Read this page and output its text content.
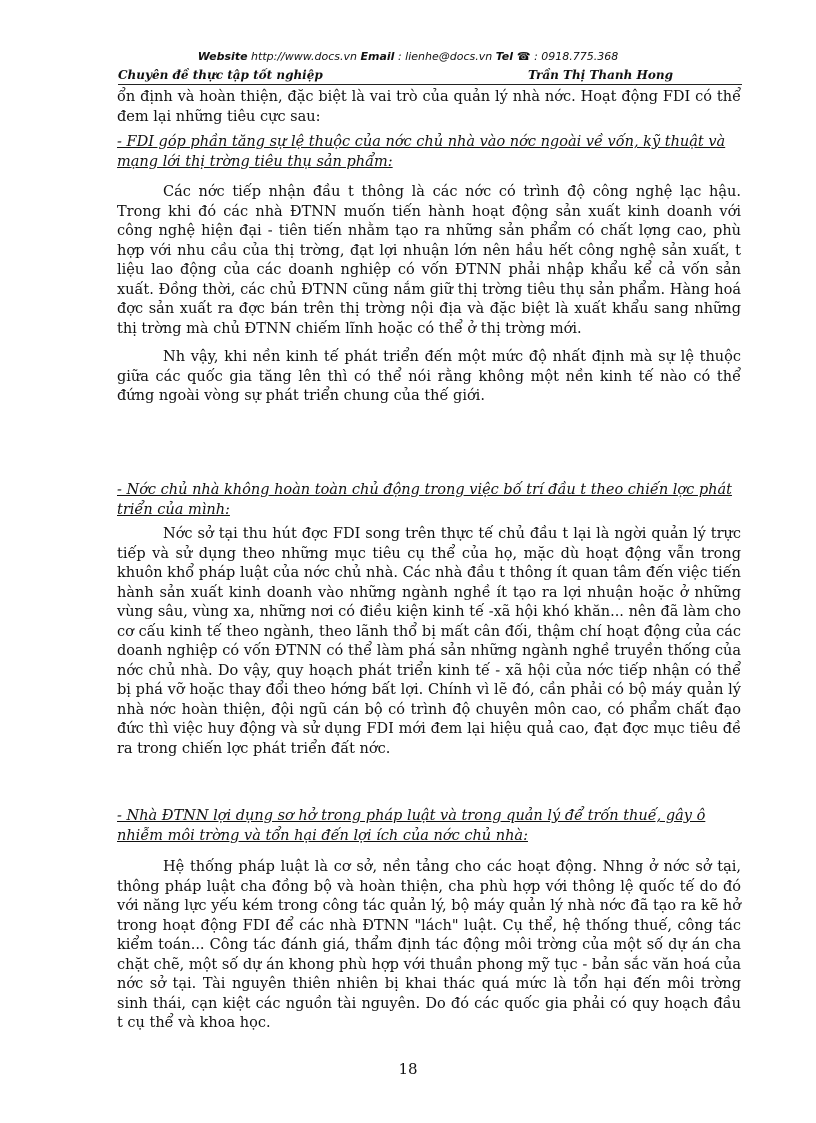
Website http://www.docs.vn Email : lienhe@docs.vn Tel ☎ : 0918.775.368
Chuyên đề thực tập tốt nghiệp	Trần Thị Thanh Hong

ổn định và hoàn thiện, đặc biệt là vai trò của quản lý nhà nớc. Hoạt động FDI có thể đem lại những tiêu cực sau:

- FDI góp phần tăng sự lệ thuộc của nớc chủ nhà vào nớc ngoài về vốn, kỹ thuật và mạng lới thị trờng tiêu thụ sản phẩm:

Các nớc tiếp nhận đầu t thông là các nớc có trình độ công nghệ lạc hậu. Trong khi đó các nhà ĐTNN muốn tiến hành hoạt động sản xuất kinh doanh với công nghệ hiện đại - tiên tiến nhằm tạo ra những sản phẩm có chất lợng cao, phù hợp với nhu cầu của thị trờng, đạt lợi nhuận lớn nên hầu hết công nghệ sản xuất, t liệu lao động của các doanh nghiệp có vốn ĐTNN phải nhập khẩu kể cả vốn sản xuất. Đồng thời, các chủ ĐTNN cũng nắm giữ thị trờng tiêu thụ sản phẩm. Hàng hoá đợc sản xuất ra đợc bán trên thị trờng nội địa và đặc biệt là xuất khẩu sang những thị trờng mà chủ ĐTNN chiếm lĩnh hoặc có thể ở thị trờng mới.

Nh vậy, khi nền kinh tế phát triển đến một mức độ nhất định mà sự lệ thuộc giữa các quốc gia tăng lên thì có thể nói rằng không một nền kinh tế nào có thể đứng ngoài vòng sự phát triển chung của thế giới.

- Nớc chủ nhà không hoàn toàn chủ động trong việc bố trí đầu t theo chiến lợc phát triển của mình:

Nớc sở tại thu hút đợc FDI song trên thực tế chủ đầu t lại là ngời quản lý trực tiếp và sử dụng theo những mục tiêu cụ thể của họ, mặc dù hoạt động vẫn trong khuôn khổ pháp luật của nớc chủ nhà. Các nhà đầu t thông ít quan tâm đến việc tiến hành sản xuất kinh doanh vào những ngành nghề ít tạo ra lợi nhuận hoặc ở những vùng sâu, vùng xa, những nơi có điều kiện kinh tế -xã hội khó khăn... nên đã làm cho cơ cấu kinh tế theo ngành, theo lãnh thổ bị mất cân đối, thậm chí hoạt động của các doanh nghiệp có vốn ĐTNN có thể làm phá sản những ngành nghề truyền thống của nớc chủ nhà. Do vậy, quy hoạch phát triển kinh tế - xã hội của nớc tiếp nhận có thể bị phá vỡ hoặc thay đổi theo hớng bất lợi. Chính vì lẽ đó, cần phải có bộ máy quản lý nhà nớc hoàn thiện, đội ngũ cán bộ có trình độ chuyên môn cao, có phẩm chất đạo đức thì việc huy động và sử dụng FDI mới đem lại hiệu quả cao, đạt đợc mục tiêu đề ra trong chiến lợc phát triển đất nớc.

- Nhà ĐTNN lợi dụng sơ hở trong pháp luật và trong quản lý để trốn thuế, gây ô nhiễm môi trờng và tổn hại đến lợi ích của nớc chủ nhà:

Hệ thống pháp luật là cơ sở, nền tảng cho các hoạt động. Nhng ở nớc sở tại, thông pháp luật cha đồng bộ và hoàn thiện, cha phù hợp với thông lệ quốc tế do đó với năng lực yếu kém trong công tác quản lý, bộ máy quản lý nhà nớc đã tạo ra kẽ hở trong hoạt động FDI để các nhà ĐTNN "lách" luật. Cụ thể, hệ thống thuế, công tác kiểm toán... Công tác đánh giá, thẩm định tác động môi trờng của một số dự án cha chặt chẽ, một số dự án khong phù hợp với thuần phong mỹ tục - bản sắc văn hoá của nớc sở tại. Tài nguyên thiên nhiên bị khai thác quá mức là tổn hại đến môi trờng sinh thái, cạn kiệt các nguồn tài nguyên. Do đó các quốc gia phải có quy hoạch đầu t cụ thể và khoa học.

18
